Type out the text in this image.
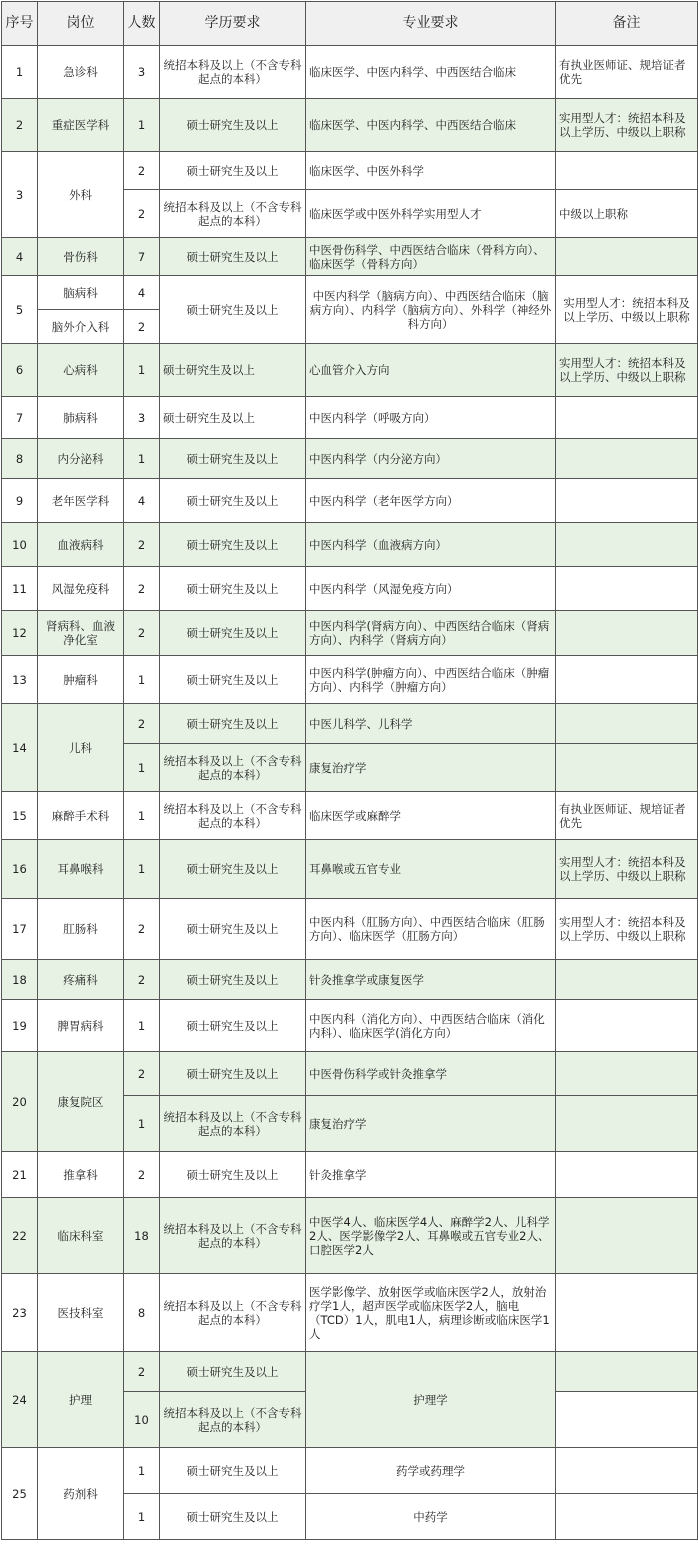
序号	岗位	人数	学历要求	专业要求	备注
1	急诊科	3	统招本科及以上（不含专科起点的本科）	临床医学、中医内科学、中西医结合临床	有执业医师证、规培证者优先
2	重症医学科	1	硕士研究生及以上	临床医学、中医内科学、中西医结合临床	实用型人才：统招本科及以上学历、中级以上职称
3	外科	2	硕士研究生及以上	临床医学、中医外科学	
		2	统招本科及以上（不含专科起点的本科）	临床医学或中医外科学实用型人才	中级以上职称
4	骨伤科	7	硕士研究生及以上	中医骨伤科学、中西医结合临床（骨科方向）、临床医学（骨科方向）	
5	脑病科	4	硕士研究生及以上	中医内科学（脑病方向）、中西医结合临床（脑病方向）、内科学（脑病方向）、外科学（神经外科方向）	实用型人才：统招本科及以上学历、中级以上职称
	脑外介入科	2			
6	心病科	1	硕士研究生及以上	心血管介入方向	实用型人才：统招本科及以上学历、中级以上职称
7	肺病科	3	硕士研究生及以上	中医内科学（呼吸方向）	
8	内分泌科	1	硕士研究生及以上	中医内科学（内分泌方向）	
9	老年医学科	4	硕士研究生及以上	中医内科学（老年医学方向）	
10	血液病科	2	硕士研究生及以上	中医内科学（血液病方向）	
11	风湿免疫科	2	硕士研究生及以上	中医内科学（风湿免疫方向）	
12	肾病科、血液净化室	2	硕士研究生及以上	中医内科学(肾病方向）、中西医结合临床（肾病方向）、内科学（肾病方向）	
13	肿瘤科	1	硕士研究生及以上	中医内科学(肿瘤方向）、中西医结合临床（肿瘤方向）、内科学（肿瘤方向）	
14	儿科	2	硕士研究生及以上	中医儿科学、儿科学	
		1	统招本科及以上（不含专科起点的本科）	康复治疗学	
15	麻醉手术科	1	统招本科及以上（不含专科起点的本科）	临床医学或麻醉学	有执业医师证、规培证者优先
16	耳鼻喉科	1	硕士研究生及以上	耳鼻喉或五官专业	实用型人才：统招本科及以上学历、中级以上职称
17	肛肠科	2	硕士研究生及以上	中医内科（肛肠方向）、中西医结合临床（肛肠方向）、临床医学（肛肠方向）	实用型人才：统招本科及以上学历、中级以上职称
18	疼痛科	2	硕士研究生及以上	针灸推拿学或康复医学	
19	脾胃病科	1	硕士研究生及以上	中医内科（消化方向）、中西医结合临床（消化内科）、临床医学(消化方向）	
20	康复院区	2	硕士研究生及以上	中医骨伤科学或针灸推拿学	
		1	统招本科及以上（不含专科起点的本科）	康复治疗学	
21	推拿科	2	硕士研究生及以上	针灸推拿学	
22	临床科室	18	统招本科及以上（不含专科起点的本科）	中医学4人、临床医学4人、麻醉学2人、儿科学2人、医学影像学2人、耳鼻喉或五官专业2人、口腔医学2人	
23	医技科室	8	统招本科及以上（不含专科起点的本科）	医学影像学、放射医学或临床医学2人，放射治疗学1人，超声医学或临床医学2人，脑电（TCD）1人，肌电1人，病理诊断或临床医学1人	
24	护理	2	硕士研究生及以上	护理学	
		10	统招本科及以上（不含专科起点的本科）		
25	药剂科	1	硕士研究生及以上	药学或药理学	
		1	硕士研究生及以上	中药学	
